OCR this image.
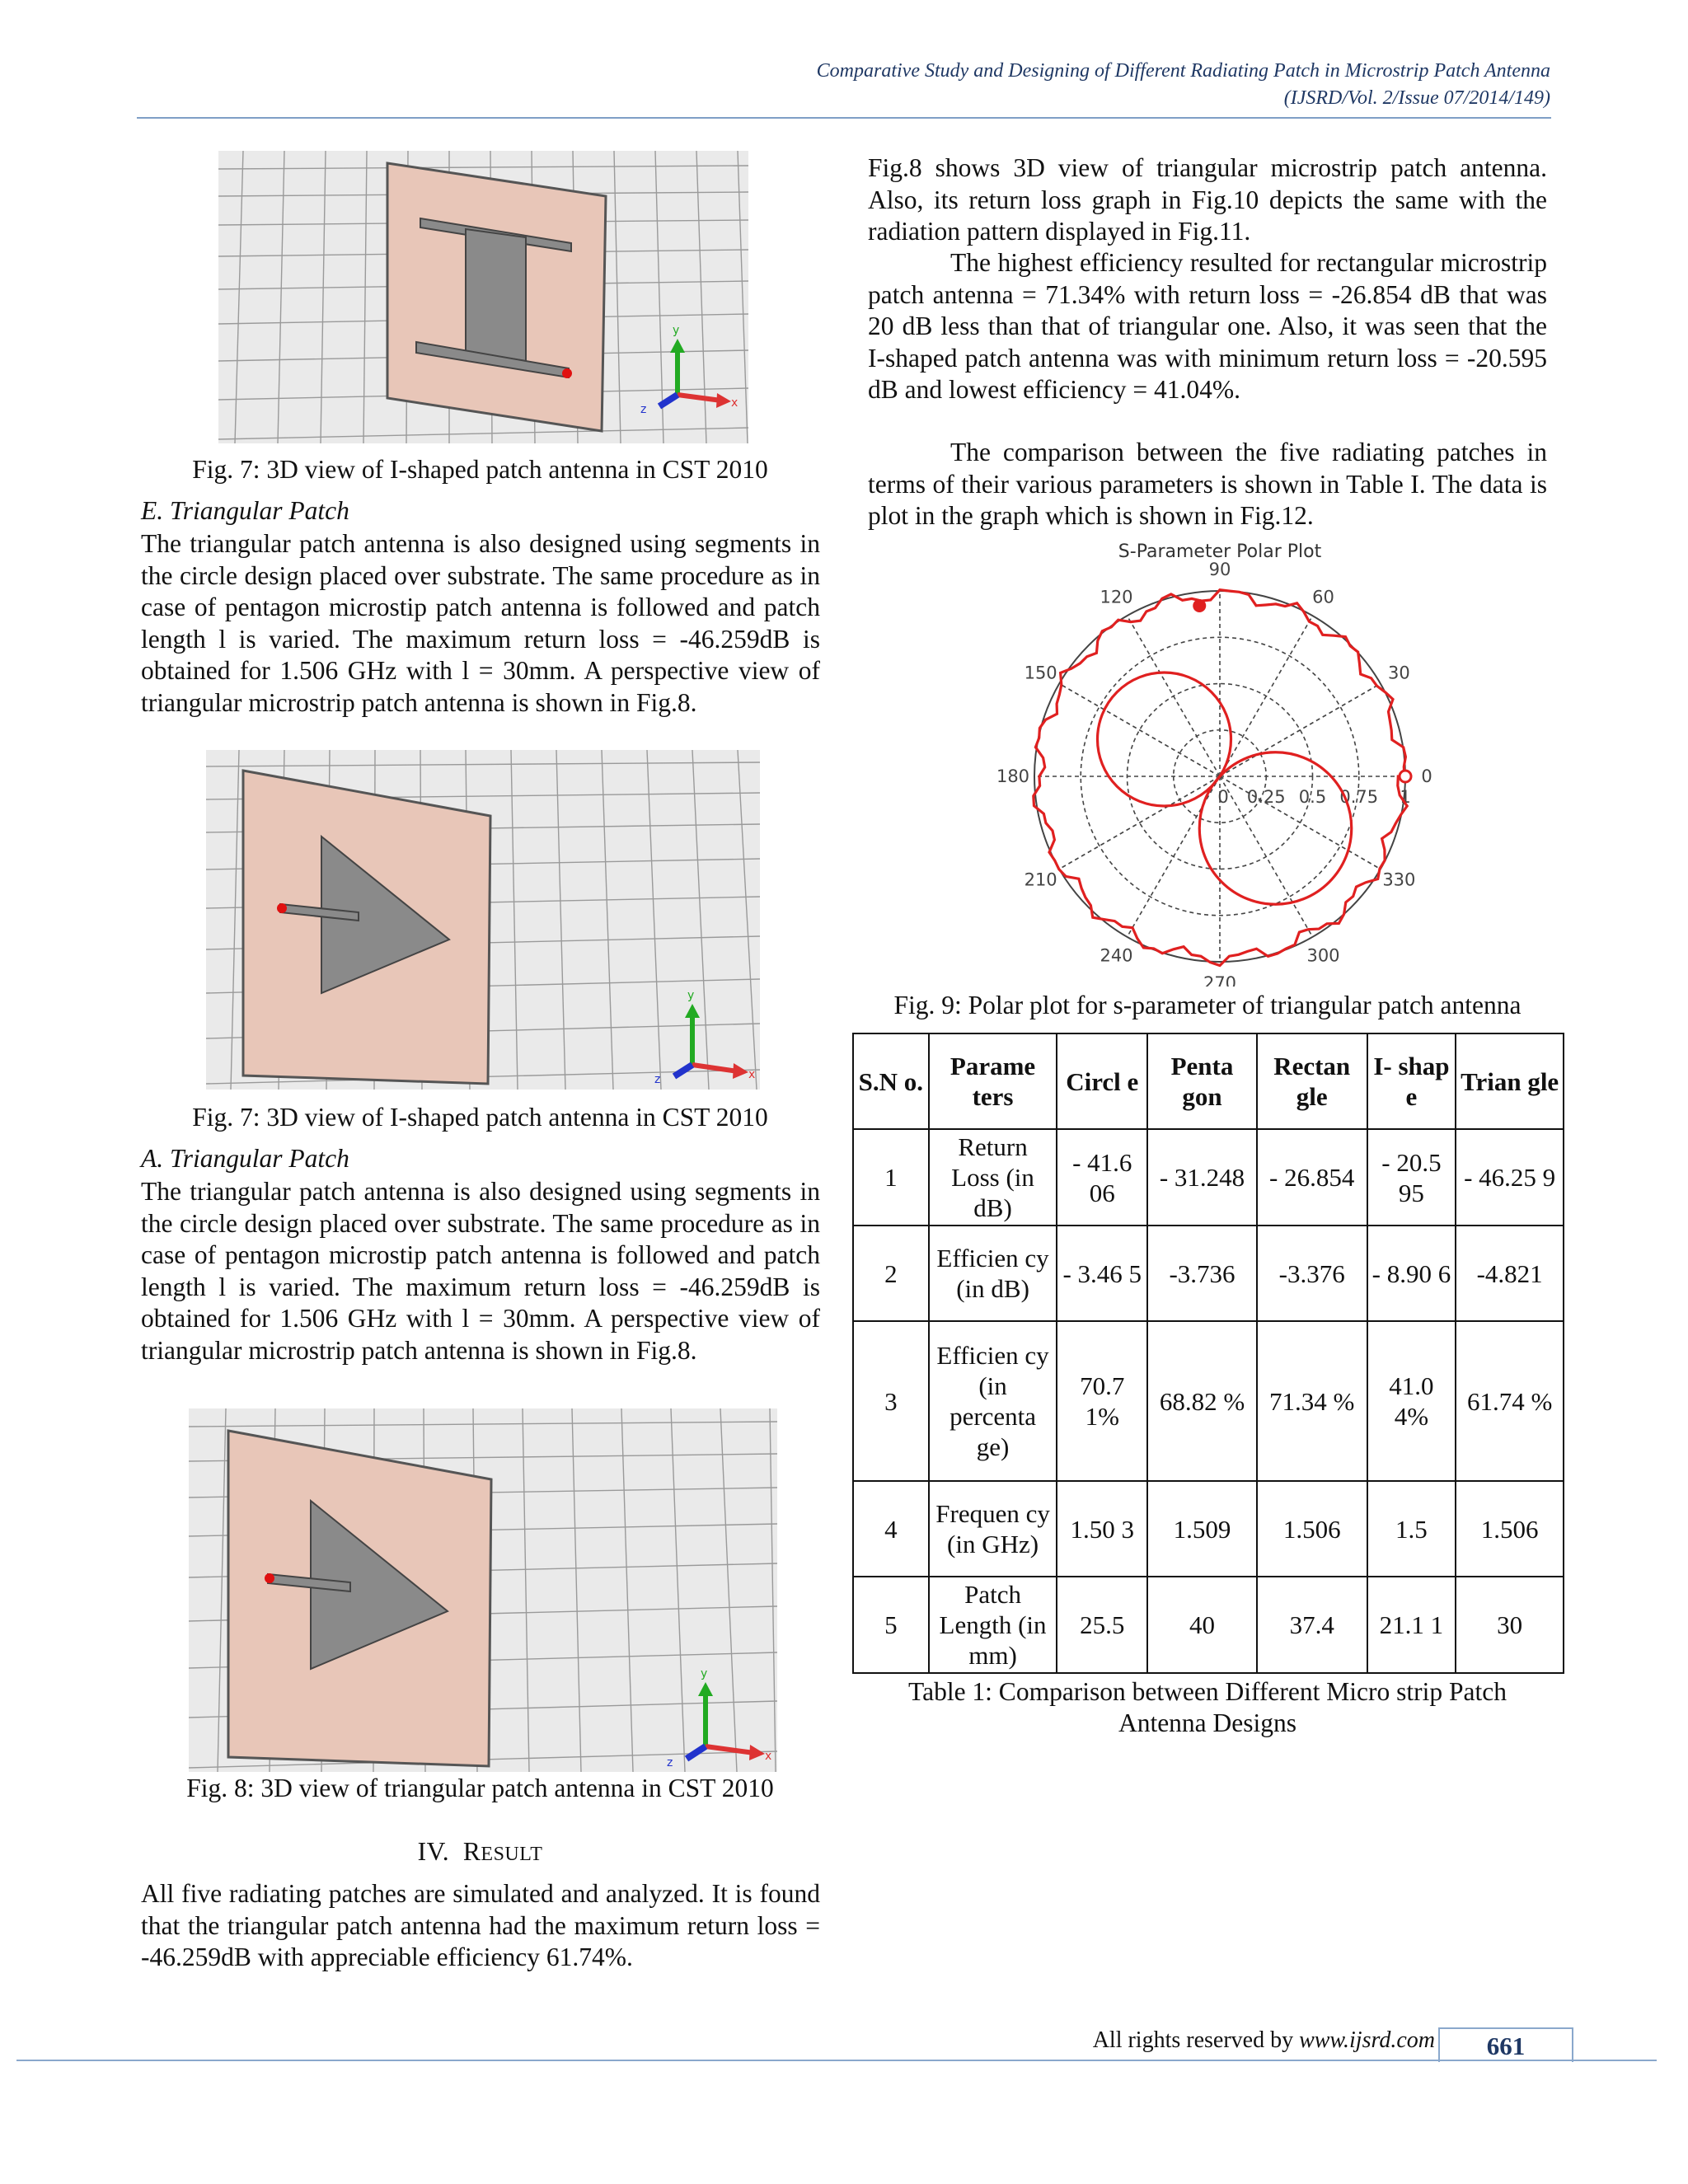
Comparative Study and Designing of Different Radiating Patch in Microstrip Patch Antenna
(IJSRD/Vol. 2/Issue 07/2014/149)
y
x
z
Fig. 7: 3D view of I-shaped patch antenna in CST 2010
E. Triangular Patch
The triangular patch antenna is also designed using segments in the circle design placed over substrate. The same procedure as in case of pentagon microstip patch antenna is followed and patch length l is varied. The maximum return loss = -46.259dB is obtained for 1.506 GHz with l = 30mm. A perspective view of triangular microstrip patch antenna is shown in Fig.8.
y
x
z
Fig. 7: 3D view of I-shaped patch antenna in CST 2010
A. Triangular Patch
The triangular patch antenna is also designed using segments in the circle design placed over substrate. The same procedure as in case of pentagon microstip patch antenna is followed and patch length l is varied. The maximum return loss = -46.259dB is obtained for 1.506 GHz with l = 30mm. A perspective view of triangular microstrip patch antenna is shown in Fig.8.
y
x
z
Fig. 8: 3D view of triangular patch antenna in CST 2010
IV. RESULT
All five radiating patches are simulated and analyzed. It is found that the triangular patch antenna had the maximum return loss = -46.259dB with appreciable efficiency 61.74%.
Fig.8 shows 3D view of triangular microstrip patch antenna. Also, its return loss graph in Fig.10 depicts the same with the radiation pattern displayed in Fig.11.
The highest efficiency resulted for rectangular microstrip patch antenna = 71.34% with return loss = -26.854 dB that was 20 dB less than that of triangular one. Also, it was seen that the I-shaped patch antenna was with minimum return loss = -20.595 dB and lowest efficiency = 41.04%.
The comparison between the five radiating patches in terms of their various parameters is shown in Table I. The data is plot in the graph which is shown in Fig.12.
S-Parameter Polar Plot
90
60
30
0
330
300
270
240
210
180
150
120
0 0.25 0.5 0.75 1
Fig. 9: Polar plot for s-parameter of triangular patch antenna
S.N o.	Parame ters	Circl e	Penta gon	Rectan gle	I- shap e	Trian gle
1	Return Loss (in dB)	- 41.6 06	- 31.248	- 26.854	- 20.5 95	- 46.25 9
2	Efficien cy (in dB)	- 3.46 5	-3.736	-3.376	- 8.90 6	-4.821
3	Efficien cy (in percenta ge)	70.7 1%	68.82 %	71.34 %	41.0 4%	61.74 %
4	Frequen cy (in GHz)	1.50 3	1.509	1.506	1.5	1.506
5	Patch Length (in mm)	25.5	40	37.4	21.1 1	30
Table 1: Comparison between Different Micro strip Patch
Antenna Designs
All rights reserved by www.ijsrd.com	661
